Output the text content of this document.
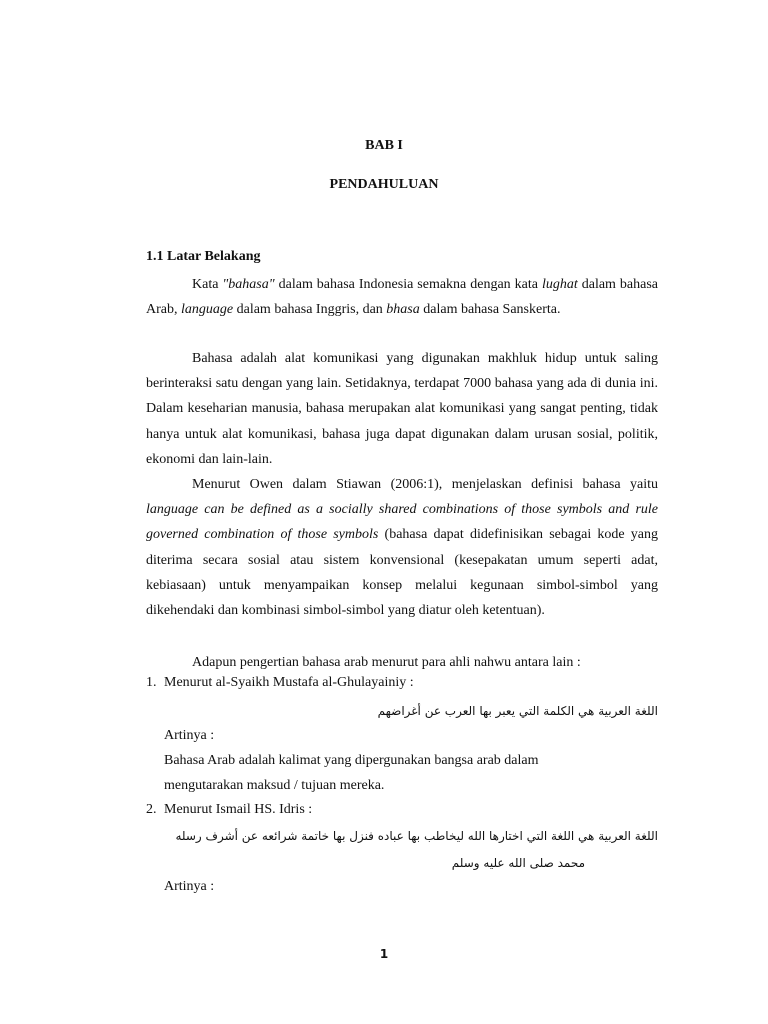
BAB I
PENDAHULUAN
1.1 Latar Belakang
Kata "bahasa" dalam bahasa Indonesia semakna dengan kata lughat dalam bahasa Arab, language dalam bahasa Inggris, dan bhasa dalam bahasa Sanskerta.
Bahasa adalah alat komunikasi yang digunakan makhluk hidup untuk saling berinteraksi satu dengan yang lain. Setidaknya, terdapat 7000 bahasa yang ada di dunia ini. Dalam keseharian manusia, bahasa merupakan alat komunikasi yang sangat penting, tidak hanya untuk alat komunikasi, bahasa juga dapat digunakan dalam urusan sosial, politik, ekonomi dan lain-lain.
Menurut Owen dalam Stiawan (2006:1), menjelaskan definisi bahasa yaitu language can be defined as a socially shared combinations of those symbols and rule governed combination of those symbols (bahasa dapat didefinisikan sebagai kode yang diterima secara sosial atau sistem konvensional (kesepakatan umum seperti adat, kebiasaan) untuk menyampaikan konsep melalui kegunaan simbol-simbol yang dikehendaki dan kombinasi simbol-simbol yang diatur oleh ketentuan).
Adapun pengertian bahasa arab menurut para ahli nahwu antara lain :
1. Menurut al-Syaikh Mustafa al-Ghulayainiy :
اللغة العربية هي الكلمة التي يعبر بها العرب عن أغراضهم
Artinya :
Bahasa Arab adalah kalimat yang dipergunakan bangsa arab dalam
mengutarakan maksud / tujuan mereka.
2. Menurut Ismail HS. Idris :
اللغة العربية هي اللغة التي اختارها الله ليخاطب بها عباده فنزل بها خاتمة شرائعه عن أشرف رسله
محمد صلى الله عليه وسلم
Artinya :
1
